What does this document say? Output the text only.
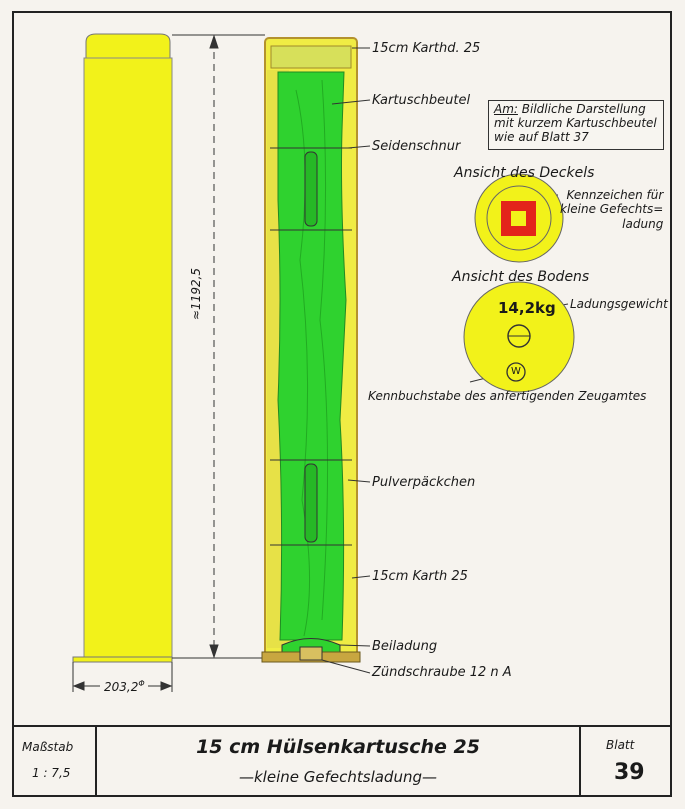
≈1192,5
$203,2^\Phi$
15cm Karthd. 25
Kartuschbeutel
Seidenschnur
Pulverpäckchen
15cm Karth 25
Beiladung
Zündschraube 12 n A
Am: Bildliche Darstellung
mit kurzem Kartuschbeutel
wie auf Blatt 37
Ansicht des Deckels
Kennzeichen für
kleine Gefechts=
ladung
Ansicht des Bodens
14,2kg Ladungsgewicht
W
Kennbuchstabe des anfertigenden Zeugamtes
Maßstab
1 : 7,5
15 cm Hülsenkartusche 25
—kleine Gefechtsladung—
Blatt
39
